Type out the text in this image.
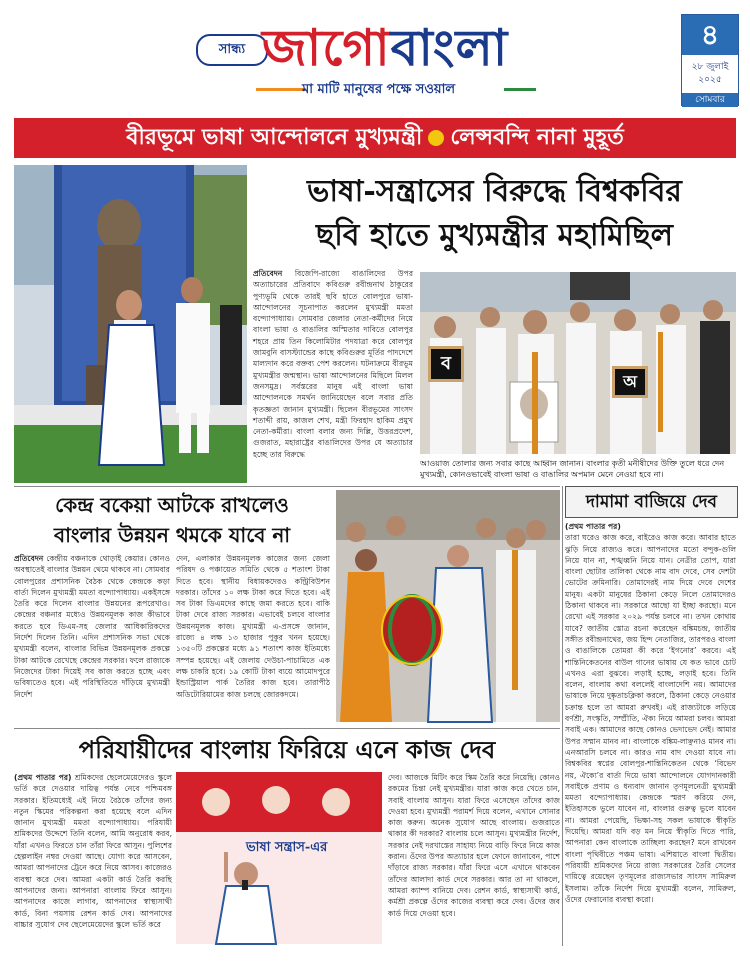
সান্ধ্য জাগোবাংলা
মা মাটি মানুষের পক্ষে সওয়াল
৪
২৮ জুলাই
২০২৫
সোমবার
বীরভূমে ভাষা আন্দোলনে মুখ্যমন্ত্রী লেন্সবন্দি নানা মুহূর্ত
ভাষা-সন্ত্রাসের বিরুদ্ধে বিশ্বকবির
ছবি হাতে মুখ্যমন্ত্রীর মহামিছিল
প্রতিবেদন বিজেপি-রাজ্যে বাঙালিদের উপর অত্যাচারের প্রতিবাদে কবিগুরু রবীন্দ্রনাথ ঠাকুরের পুণ্যভূমি থেকে তারই ছবি হাতে বোলপুরে ভাষা-আন্দোলনের সূচনাপাত করলেন মুখ্যমন্ত্রী মমতা বন্দ্যোপাধ্যায়। সোমবার জেলার নেতা-কর্মীদের নিয়ে বাংলা ভাষা ও বাঙালির অস্মিতার দাবিতে বোলপুর শহরে প্রায় তিন কিলোমিটার পদযাত্রা করে বোলপুর জামবুনি বাসস্ট্যান্ডের কাছে কবিগুরুর মূর্তির পাদদেশে মাল্যদান করে বক্তব্য পেশ করলেন। ঘটনাক্রমে বীরভূম মুখ্যমন্ত্রীর জন্মস্থান। ভাষা আন্দোলনের মিছিলে মিলল জনসমুদ্র। সর্বস্তরের মানুষ এই বাংলা ভাষা আন্দোলনকে সমর্থন জানিয়েছেন বলে সবার প্রতি কৃতজ্ঞতা জানান মুখ্যমন্ত্রী। ছিলেন বীরভূমের সাংসদ শতাব্দী রায়, কাজল শেখ, মন্ত্রী ফিরহাদ হাকিম প্রমুখ নেতা-কর্মীরা। বাংলা বলার জন্য দিল্লি, উত্তরপ্রদেশ, গুজরাত, মহারাষ্ট্রের বাঙালিদের উপর যে অত্যাচার হচ্ছে তার বিরুদ্ধে
ব
অ
আওয়াজ তোলার জন্য সবার কাছে আহ্বান জানান। বাংলার কৃতী মনীষীদের উক্তি তুলে ধরে দেন মুখ্যমন্ত্রী, কোনওভাবেই বাংলা ভাষা ও বাঙালির অপমান মেনে নেওয়া হবে না।
কেন্দ্র বকেয়া আটকে রাখলেও
বাংলার উন্নয়ন থমকে যাবে না
প্রতিবেদন কেন্দ্রীয় বঞ্চনাকে থোড়াই কেয়ার। কোনও অবস্থাতেই বাংলার উন্নয়ন থেমে থাকবে না। সোমবার বোলপুরের প্রশাসনিক বৈঠক থেকে কেন্দ্রকে কড়া বার্তা দিলেন মুখ্যমন্ত্রী মমতা বন্দ্যোপাধ্যায়। একইসঙ্গে তৈরি করে দিলেন বাংলার উন্নয়নের রূপরেখাও। কেন্দ্রের বঞ্চনার মধ্যেও উন্নয়নমূলক কাজ কীভাবে করতে হবে ডিএম-সহ জেলার আধিকারিকদের নির্দেশ দিলেন তিনি। এদিন প্রশাসনিক সভা থেকে মুখ্যমন্ত্রী বলেন, বাংলার বিভিন্ন উন্নয়নমূলক প্রকল্পে টাকা আটকে রেখেছে কেন্দ্রের সরকার। ফলে রাজ্যকে নিজেদের টাকা দিয়েই সব কাজ করতে হচ্ছে এবং ভবিষ্যতেও হবে। এই পরিস্থিতিতে দাঁড়িয়ে মুখ্যমন্ত্রী নির্দেশ
দেন, এলাকার উন্নয়নমূলক কাজের জন্য জেলা পরিষদ ও পঞ্চায়েত সমিতি থেকে ৫ শতাংশ টাকা দিতে হবে। স্থানীয় বিধায়কদেরও কন্ট্রিবিউশন দরকার। তাঁদের ১০ লক্ষ টাকা করে দিতে হবে। এই সব টাকা ডিএমদের কাছে জমা করতে হবে। বাকি টাকা দেবে রাজ্য সরকার। এভাবেই চলবে বাংলার উন্নয়নমূলক কাজ। মুখ্যমন্ত্রী এ-প্রসঙ্গে জানান, রাজ্যে ৪ লক্ষ ১৩ হাজার পুকুর খনন হয়েছে। ১৩৫০টি প্রকল্পের মধ্যে ৯১ শতাংশ কাজ ইতিমধ্যে সম্পন্ন হয়েছে। এই জেলায় দেউচা-পাচামিতে এক লক্ষ চাকরি হবে। ১৯ কোটি টাকা ব্যয়ে আমোদপুরে ইন্ডাস্ট্রিয়াল পার্ক তৈরির কাজ হবে। তারাপীঠ অডিটোরিয়ামের কাজ চলছে জোরকদমে।
দামামা বাজিয়ে দেব
(প্রথম পাতার পর)
তারা ঘরেও কাজ করে, বাইরেও কাজ করে। আবার হাতে ঝুড়ি নিয়ে রাজ্যও করে। আপনাদের মতো বন্দুক-গুলি নিয়ে যান না, শঙ্খধ্বনি নিয়ে যান। নেত্রীর তোপ, যারা বাংলা ছোটার তালিকা থেকে নাম বাদ দেবে, সেব দেশটা ভোটের ক্রমিনারি। তোমাদেরই নাম দিয়ে দেবে দেশের মানুষ। একটা মানুষের ঠিকানা কেড়ে নিলে তোমাদেরও ঠিকানা থাকবে না। সরকারে আছো যা ইচ্ছা করছো। মনে রেখো এই সরকার ২০২৯ পর্যন্ত চলবে না। তখন কোথায় যাবে? জাতীয় স্তোত্র রচনা করেছেন বঙ্কিমচন্দ্র, জাতীয় সঙ্গীত রবীন্দ্রনাথের, জয় হিন্দ নেতাজির, তারপরও বাংলা ও বাঙালিকে তোমরা কী করে ‘ইগনোর’ করবে। এই শান্তিনিকেতনের বাউল গানের ভাষায় যে কত ভাবে চোট এখনও এরা বুঝবে। লড়াই হচ্ছে, লড়াই হবে। তিনি বলেন, বাংলায় কথা বললেই বাংলাদেশি নয়। আমাদের ভাষাকে নিয়ে দুষ্কৃতাচক্লিকা করলে, ঠিকানা কেড়ে নেওয়ার চক্রান্ত হলে তা আমরা রুখবই। এই রাজ্যটাকে লড়িয়ে বর্ণশ্রী, সংস্কৃতি, সম্প্রীতি, ঐক্য নিয়ে আমরা চলব। আমরা সবাই এক। আমাদের কাছে কোনও ভেদাভেদ নেই। আমার উপর সম্মান মানব না। বাংলাকে বঙ্কিম-লাঞ্ছনাও মানব না। এনআরসি চলবে না। কারও নাম বাদ দেওয়া যাবে না। বিশ্বকবির স্বপ্নের বোলপুর-শান্তিনিকেতন থেকে ‘বিভেদ নয়, ঐক্যে’র বার্তা দিয়ে ভাষা আন্দোলনে যোগদানকারী সবাইকে প্রণাম ও ধন্যবাদ জানান তৃণমূলনেত্রী মুখ্যমন্ত্রী মমতা বন্দ্যোপাধ্যায়। কেন্দ্রকে স্মরণ করিয়ে দেন, ইতিহাসকে ভুলে যাবেন না, বাংলার গুরুত্ব ভুলে যাবেন না। আমরা পেয়েছি, ভিক্ষা-সহ সকল ভাষাকে স্বীকৃতি দিয়েছি। আমরা যদি বড় মন নিয়ে স্বীকৃতি দিতে পারি, আপনারা কেন বাংলাকে তাচ্ছিল্য করছেন? মনে রাখবেন বাংলা পৃথিবীতে পঞ্চম ভাষা। এশিয়াতে বাংলা দ্বিতীয়। পরিযায়ী শ্রমিকদের নিয়ে রাজ্য সরকারের তৈরি সেলের দায়িত্বে রয়েছেন তৃণমূলের রাজ্যসভার সাংসদ সামিরুল ইসলাম। তাঁকে নির্দেশ দিয়ে মুখ্যমন্ত্রী বলেন, সামিরুল, ওঁদের ফেরানোর ব্যবস্থা করো।
পরিযায়ীদের বাংলায় ফিরিয়ে এনে কাজ দেব
(প্রথম পাতার পর) শ্রমিকদের ছেলেমেয়েদেরও স্কুলে ভর্তি করে দেওয়ার দায়িত্ব পর্যন্ত নেবে পশ্চিমবঙ্গ সরকার। ইতিমধ্যেই এই নিয়ে বৈঠকে তাঁদের জন্য নতুন স্কিমের পরিকল্পনা করা হয়েছে বলে এদিন জানান মুখ্যমন্ত্রী মমতা বন্দ্যোপাধ্যায়। পরিযায়ী শ্রমিকদের উদ্দেশে তিনি বলেন, আমি অনুরোধ করব, যাঁরা এখনও ফিরতে চান তাঁরা ফিরে আসুন। পুলিশের হেল্পলাইন নম্বর দেওয়া আছে। যোগ্য করে আসবেন, আমরা আপনাদের ট্রেনে করে নিয়ে আসব। কাজেরও ব্যবস্থা করে দেব। আমরা একটা কার্ড তৈরি করছি আপনাদের জন্য। আপনারা বাংলায় ফিরে আসুন। আপনাদের কাজে লাগাব, আপনাদের স্বাস্থ্যসাথী কার্ড, বিনা পয়সায় রেশন কার্ড দেব। আপনাদের বাচ্চার সুযোগ দেব ছেলেমেয়েদের স্কুলে ভর্তি করে
ভাষা সন্ত্রাস-এর
দেব। আজকে মিটিং করে স্কিম তৈরি করে নিয়েছি। কোনও রকমের চিন্তা নেই মুখ্যমন্ত্রীর। যারা কাজ করে খেতে চান, সবাই বাংলায় আসুন। যারা ফিরে এসেছেন তাঁদের কাজ দেওয়া হবে। মুখ্যমন্ত্রী পরামর্শ দিয়ে বলেন, এখানে সোনার কাজ করুন। অনেক সুযোগ আছে বাংলায়। গুজরাতে থাকার কী দরকার? বাংলায় চলে আসুন। মুখ্যমন্ত্রীর নির্দেশ, সরকার নেই দরখাস্তের সাহায্য নিয়ে বাড়ি ফিরে নিয়ে কাজ করান। ওঁদের উপর অত্যাচার হলে ফোনে জানাবেন, পাশে দাঁড়াবে রাজ্য সরকার। যাঁরা ফিরে এসে এখানে থাকবেন তাঁদের আলাদা কার্ড দেবে সরকার। আর তা না থাকলে, আমরা ক্যাম্প বানিয়ে দেব। রেশন কার্ড, স্বাস্থ্যসাথী কার্ড, কর্মশ্রী প্রকল্পে ওঁদের কাজের ব্যবস্থা করে দেব। ওঁদের জব কার্ড দিয়ে দেওয়া হবে।
